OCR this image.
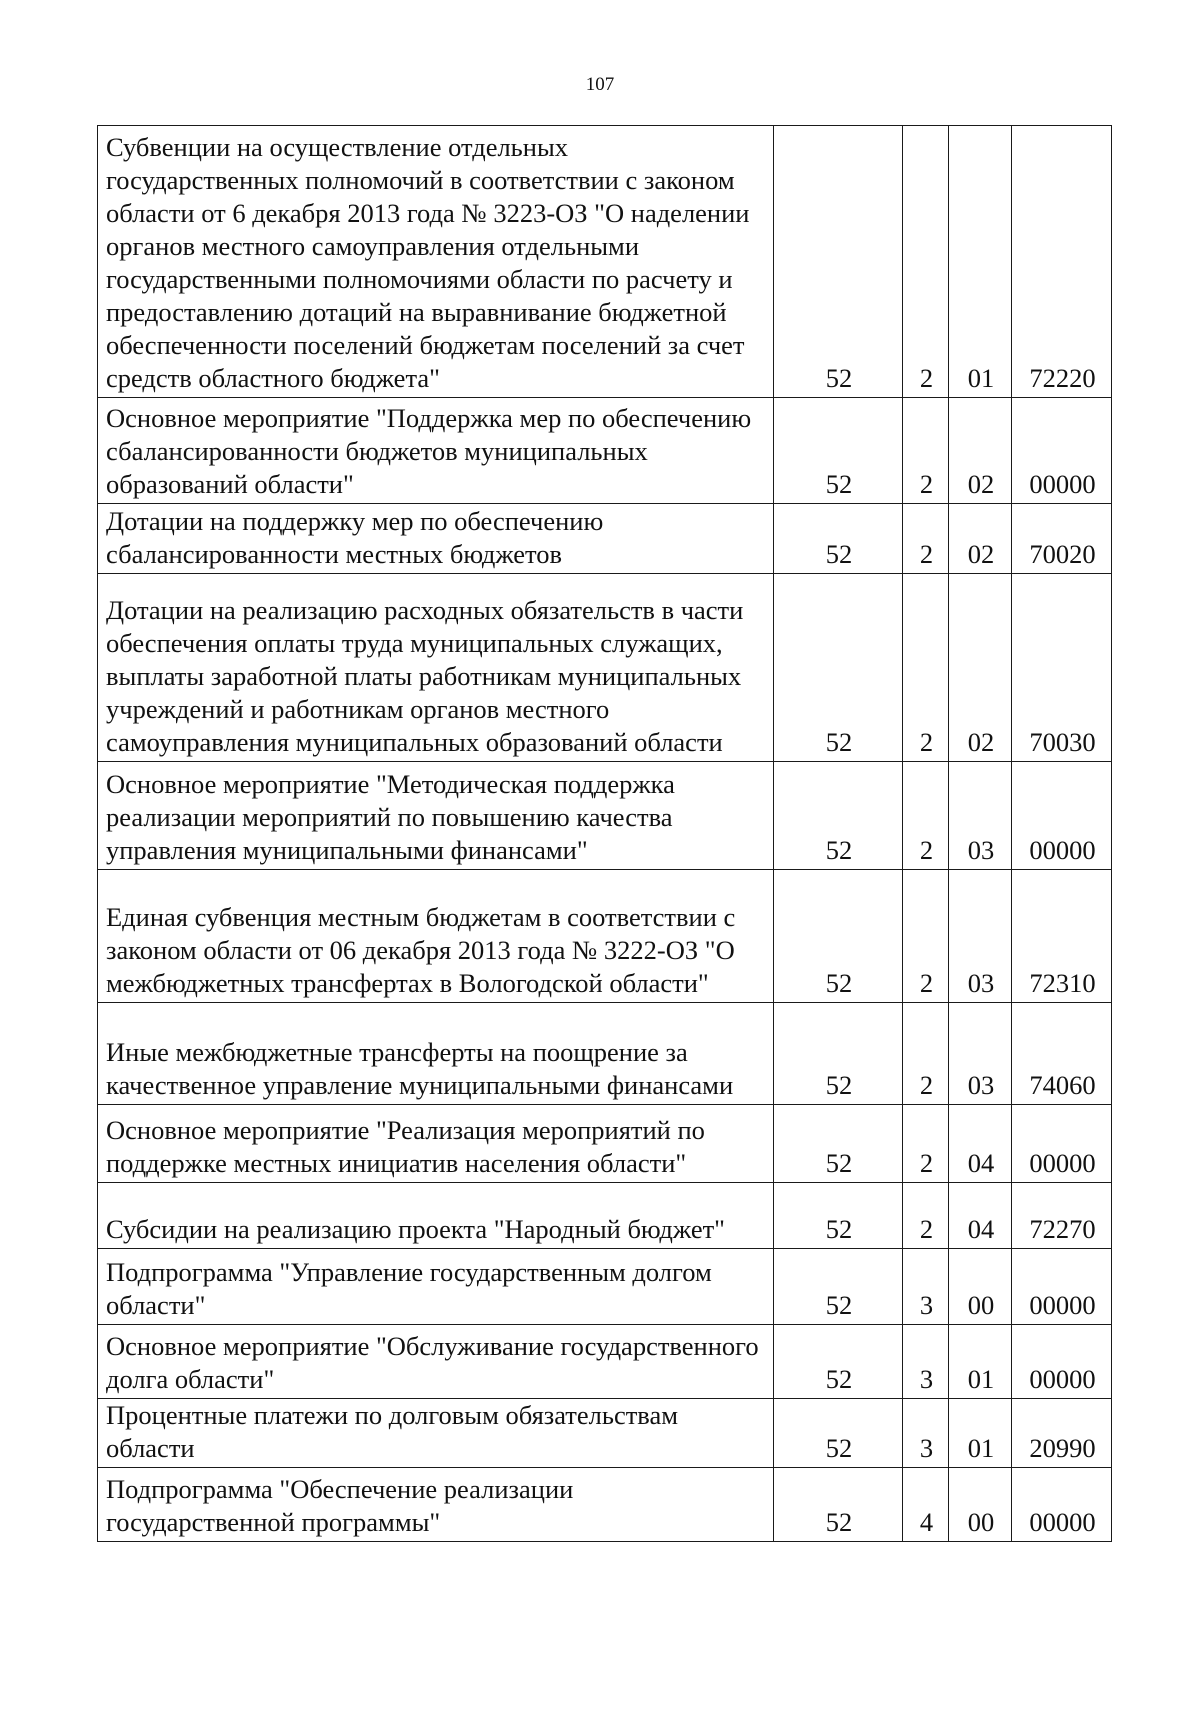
107
Субвенции на осуществление отдельных государственных полномочий в соответствии с законом области от 6 декабря 2013 года № 3223-ОЗ "О наделении органов местного самоуправления отдельными государственными полномочиями области по расчету и предоставлению дотаций на выравнивание бюджетной обеспеченности поселений бюджетам поселений за счет средств областного бюджета"	52	2	01	72220
Основное мероприятие "Поддержка мер по обеспечению сбалансированности бюджетов муниципальных образований области"	52	2	02	00000
Дотации на поддержку мер по обеспечению сбалансированности местных бюджетов	52	2	02	70020
Дотации на реализацию расходных обязательств в части обеспечения оплаты труда муниципальных служащих, выплаты заработной платы работникам муниципальных учреждений и работникам органов местного самоуправления муниципальных образований области	52	2	02	70030
Основное мероприятие "Методическая поддержка реализации мероприятий по повышению качества управления муниципальными финансами"	52	2	03	00000
Единая субвенция местным бюджетам в соответствии с законом области от 06 декабря 2013 года № 3222-ОЗ "О межбюджетных трансфертах в Вологодской области"	52	2	03	72310
Иные межбюджетные трансферты на поощрение за качественное управление муниципальными финансами	52	2	03	74060
Основное мероприятие "Реализация мероприятий по поддержке местных инициатив населения области"	52	2	04	00000
Субсидии на реализацию проекта "Народный бюджет"	52	2	04	72270
Подпрограмма "Управление государственным долгом области"	52	3	00	00000
Основное мероприятие "Обслуживание государственного долга области"	52	3	01	00000
Процентные платежи по долговым обязательствам области	52	3	01	20990
Подпрограмма "Обеспечение реализации государственной программы"	52	4	00	00000
